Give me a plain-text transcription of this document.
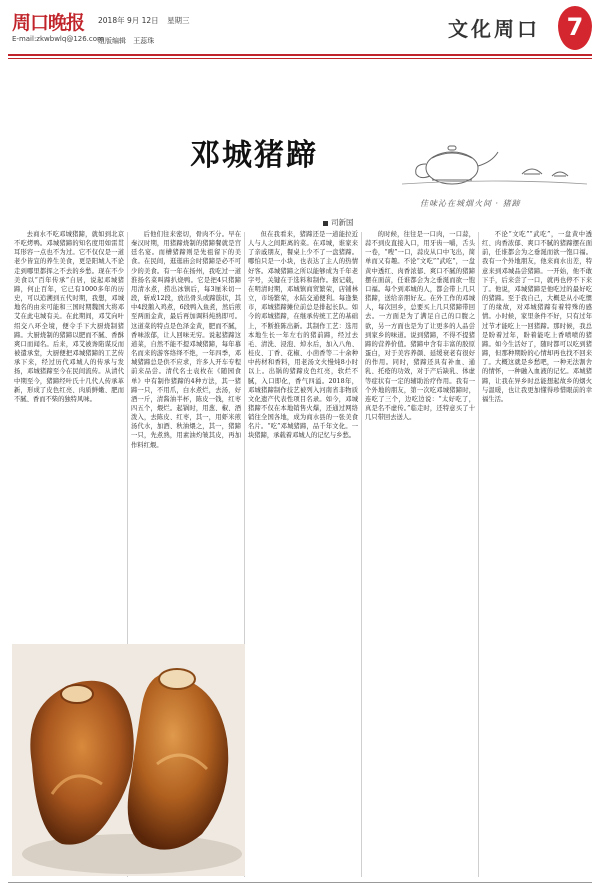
周口晚报
E-mail:zkwbwlq@126.com
2018年 9月 12日 星期三
组版编辑 王蕊珠	文化周口	7
邓城猪蹄
佳味沁在城烟火间 · 猪蹄
司新国

去商水不吃邓城猪蹄，就如到北京不吃烤鸭。邓城猪蹄的知名度用如雷贯耳形容一点也不为过。它不仅仅是一道老少皆宜的养生美食，更是阳城人不论走到哪里都挥之不去的乡愁。现在不少美食以“百年传承”自居，说起邓城猪蹄，何止百年，它已有1000多年的历史，可以追溯到五代时期，我想，邓城地名的由来可能和三国时期魏国大将邓艾在此屯城有关。在此期间，邓艾向叶绍交八环全境，便令手下大厨烧制猪蹄。大厨烧制的猪蹄以肥而不腻、香酥爽口而闻名。后来，邓艾被谗陷谋反而被遣承堂，大厨便把邓城猪蹄的工艺传承下来，经过历代邓城人的传承与发扬，邓城猪蹄至今在民间流传。从清代中期至今，猪蹄经叶氏十几代人传承革新，形成了皮色红亮、肉质鲜嫩、肥而不腻、香而不柴的独特风味。

后他们往来密切，骨肉不分。早在秦汉时期，用猪蹄烧制的猪蹄餐就是宫廷名宴。而槽猪蹄则是先祖留下的美食。在民间，逛逛庙会时猪蹄是必不可少的美食。有一年在扬州，我吃过一道淮扬名菜叫蹄扒烧鸭。它是把4只猪蹄用清水煮，捞出冰镇后，每3厘米切一段，斩成12段，放出骨头或蹄筋状，其中4段鹅入鸡煮，6段鸭入鱼煮，然后煎至两面金黄，最后再加调料炖熟即可。这道菜的特点是色泽金黄，肥而不腻，香味浓郁，让人回味无穷。说起猪蹄这道菜，自然不能不提邓城猪蹄，每年慕名而来的游客络绎不绝，一年四季，邓城猪蹄总是供不应求，许多人开车专程前来品尝。清代名士袁枚在《随园食单》中有制作猪蹄的4种方法，其一猪蹄一只，不用爪，白水煮烂，去汤，好酒一斤，清酱油半杯，陈皮一钱，红枣四五个，煨烂。起锅时，用葱、椒、酒泼入，去陈皮、红枣，其一，用虾米煎汤代水，加酒、秋油煨之，其一，猪蹄一只，先煮熟，用素油灼皱其皮，再加作料红煨。

但在我看来，猪蹄还是一道能拉近人与人之间距离的菜。在邓城，谁家来了亲戚朋友，餐桌上少不了一盘猪蹄。哪怕只是一小块，也表达了主人的热情好客。邓城猪蹄之所以能够成为千年老字号，关键在于选料和制作。据记载，在明清时期，邓城镇商贸繁荣，店铺林立，市场繁荣，水陆交通便利。每逢集市，邓城猪蹄摊位前总是排起长队。如今的邓城猪蹄，在继承传统工艺的基础上，不断推陈出新。其制作工艺：选用本地生长一年左右的猪前蹄，经过去毛、清洗、浸泡、焯水后，加入八角、桂皮、丁香、花椒、小茴香等二十余种中药材和香料，用老汤文火慢炖8小时以上。出锅的猪蹄皮色红亮，软烂不腻，入口即化，香气四溢。2018年，邓城猪蹄制作技艺被列入河南省非物质文化遗产代表性项目名录。如今，邓城猪蹄不仅在本地销售火爆，还通过网络销往全国各地，成为商水县的一张美食名片。“吃”邓城猪蹄，品千年文化。一块猪蹄，承载着邓城人的记忆与乡愁。

的时候，往往是一口肉，一口蒜，蒜不到皮直接入口，用牙齿一嚼，舌头一卷，“嗖”一口，蒜皮从口中飞出，简单而又有趣。不论“文吃”“武吃”，一盘黄中透红、肉香浓郁、爽口不腻的猪蹄摆在面前，任谁都会为之垂涎而欲一饱口福。每个到邓城的人，都会带上几只猪蹄，送给亲朋好友。在外工作的邓城人，每次回乡，总要买上几只猪蹄带回去。一方面是为了满足自己的口腹之欲，另一方面也是为了让更多的人品尝到家乡的味道。说到猪蹄，不得不提猪蹄的营养价值。猪蹄中含有丰富的胶原蛋白，对于美容养颜、延缓衰老有很好的作用。同时，猪蹄还具有补血、通乳、托疮的功效，对于产后缺乳、体虚等症状有一定的辅助治疗作用。我有一个外地的朋友，第一次吃邓城猪蹄时，连吃了三个，边吃边说：“太好吃了，真是名不虚传。”临走时，还特意买了十几只带回去送人。

不论“文吃”“武吃”，一盘黄中透红、肉香浓郁、爽口不腻的猪蹄摆在面前，任谁都会为之垂涎而欲一饱口福。我有一个外地朋友，他来商水出差，特意来到邓城品尝猪蹄。一开始，他不敢下手，后来尝了一口，就再也停不下来了。他说，邓城猪蹄是他吃过的最好吃的猪蹄。至于我自己，大概是从小吃惯了的缘故，对邓城猪蹄有着特殊的感情。小时候，家里条件不好，只有过年过节才能吃上一回猪蹄。那时候，我总是盼着过年，盼着能吃上香喷喷的猪蹄。如今生活好了，随时都可以吃到猪蹄，但那种期盼的心情却再也找不回来了。大概这就是乡愁吧，一种无法割舍的情怀，一种融入血液的记忆。邓城猪蹄，让我在异乡时总能想起故乡的烟火与温暖，也让我更加懂得珍惜眼前的幸福生活。
